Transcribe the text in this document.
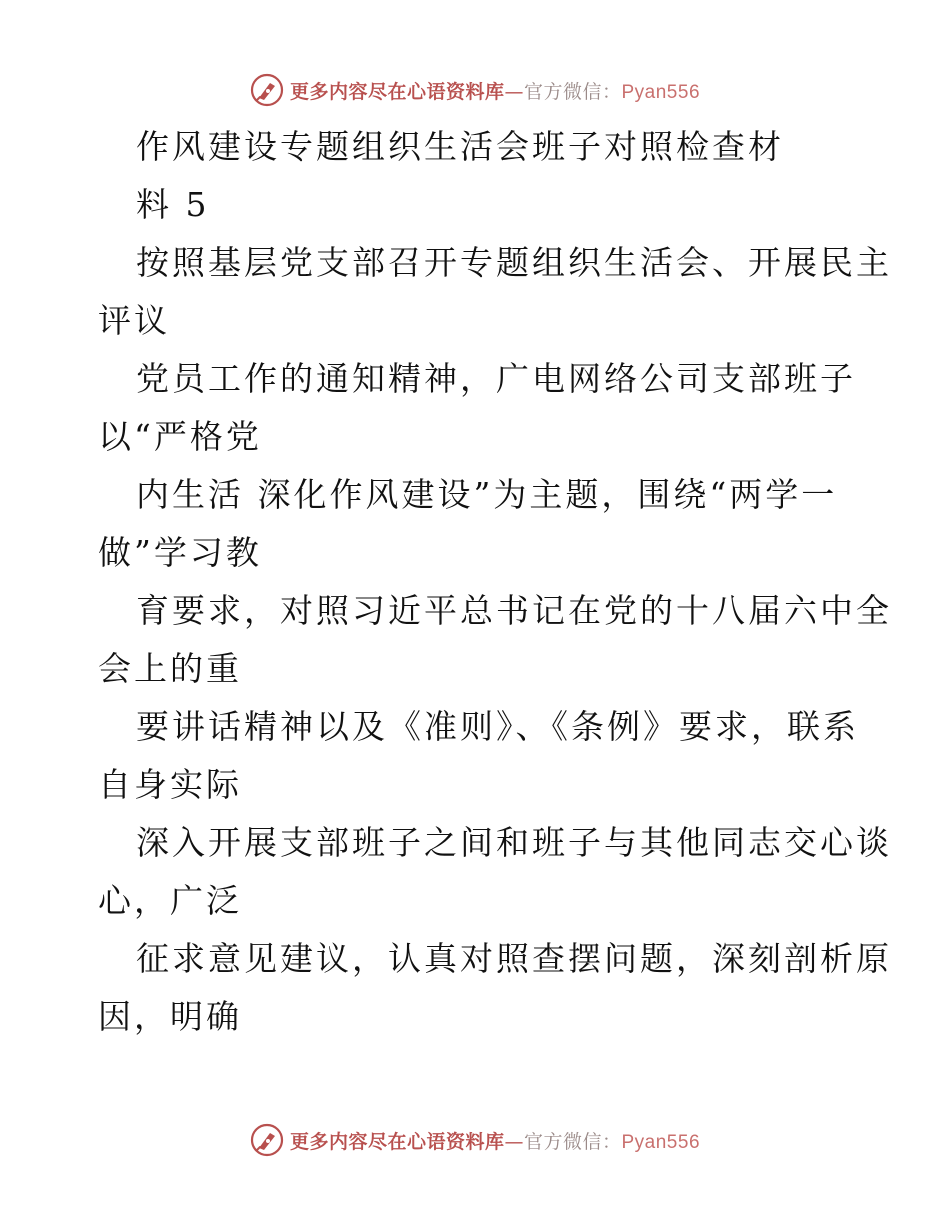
更多内容尽在心语资料库—官方微信：Pyan556
作风建设专题组织生活会班子对照检查材
料 5
按照基层党支部召开专题组织生活会、开展民主
评议
党员工作的通知精神，广电网络公司支部班子
以“严格党
内生活 深化作风建设”为主题，围绕“两学一
做”学习教
育要求，对照习近平总书记在党的十八届六中全
会上的重
要讲话精神以及《准则》、《条例》要求，联系
自身实际
深入开展支部班子之间和班子与其他同志交心谈
心，广泛
征求意见建议，认真对照查摆问题，深刻剖析原
因，明确
更多内容尽在心语资料库—官方微信：Pyan556
